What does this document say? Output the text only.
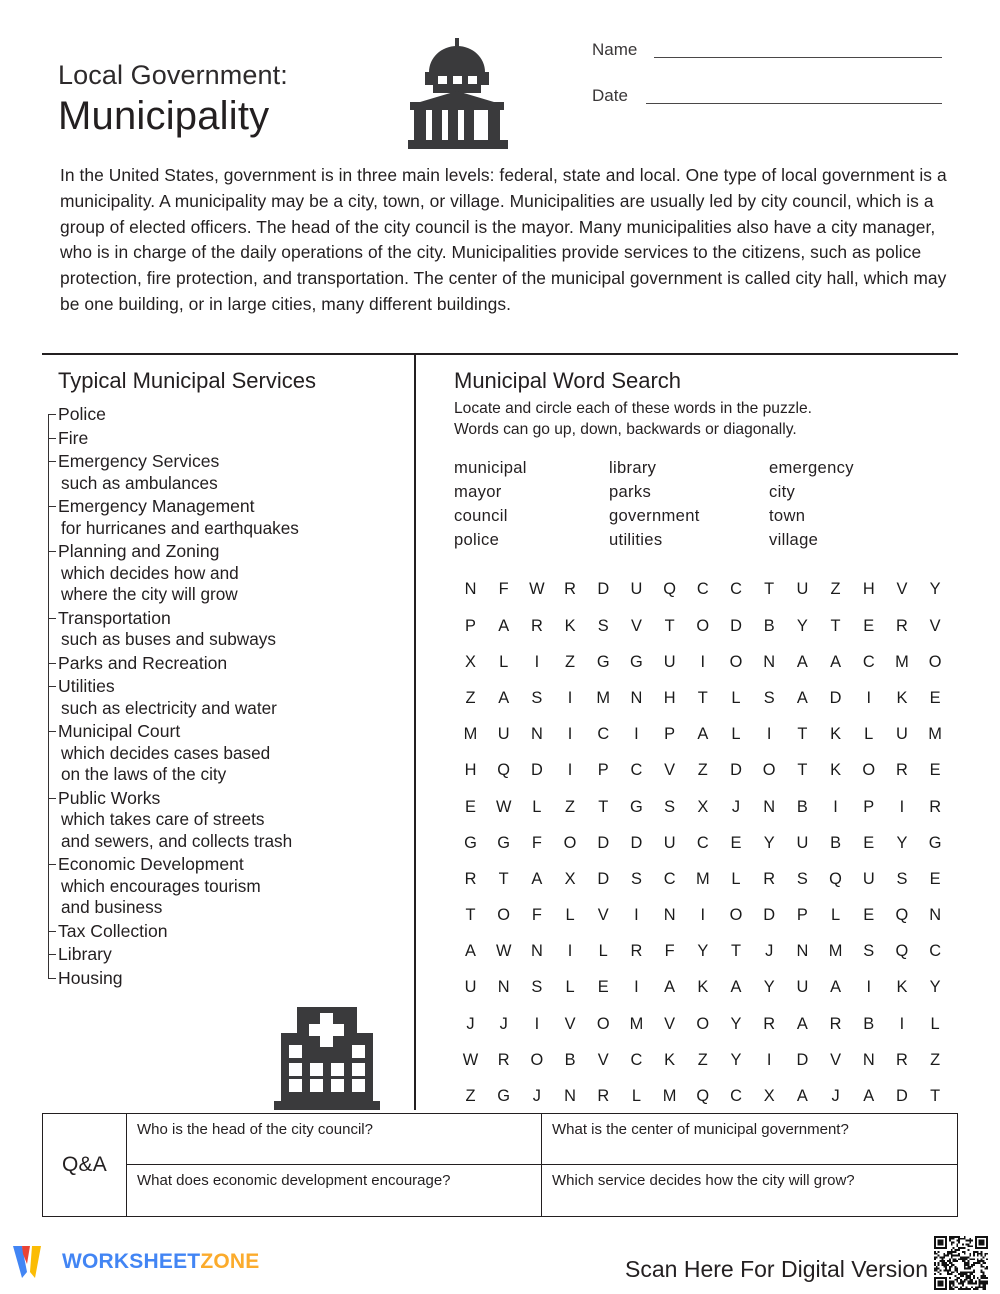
Local Government:
Municipality
Name
Date
In the United States, government is in three main levels: federal, state and local. One type of local government is a municipality. A municipality may be a city, town, or village. Municipalities are usually led by city council, which is a group of elected officers. The head of the city council is the mayor. Many municipalities also have a city manager, who is in charge of the daily operations of the city. Municipalities provide services to the citizens, such as police protection, fire protection, and transportation. The center of the municipal government is called city hall, which may be one building, or in large cities, many different buildings.
Typical Municipal Services
Police
Fire
Emergency Services
such as ambulances
Emergency Management
for hurricanes and earthquakes
Planning and Zoning
which decides how and
where the city will grow
Transportation
such as buses and subways
Parks and Recreation
Utilities
such as electricity and water
Municipal Court
which decides cases based
on the laws of the city
Public Works
which takes care of streets
and sewers, and collects trash
Economic Development
which encourages tourism
and business
Tax Collection
Library
Housing
Municipal Word Search
Locate and circle each of these words in the puzzle.
Words can go up, down, backwards or diagonally.
municipal	library	emergency
mayor	parks	city
council	government	town
police	utilities	village
N	F	W	R	D	U	Q	C	C	T	U	Z	H	V	Y
P	A	R	K	S	V	T	O	D	B	Y	T	E	R	V
X	L	I	Z	G	G	U	I	O	N	A	A	C	M	O
Z	A	S	I	M	N	H	T	L	S	A	D	I	K	E
M	U	N	I	C	I	P	A	L	I	T	K	L	U	M
H	Q	D	I	P	C	V	Z	D	O	T	K	O	R	E
E	W	L	Z	T	G	S	X	J	N	B	I	P	I	R
G	G	F	O	D	D	U	C	E	Y	U	B	E	Y	G
R	T	A	X	D	S	C	M	L	R	S	Q	U	S	E
T	O	F	L	V	I	N	I	O	D	P	L	E	Q	N
A	W	N	I	L	R	F	Y	T	J	N	M	S	Q	C
U	N	S	L	E	I	A	K	A	Y	U	A	I	K	Y
J	J	I	V	O	M	V	O	Y	R	A	R	B	I	L
W	R	O	B	V	C	K	Z	Y	I	D	V	N	R	Z
Z	G	J	N	R	L	M	Q	C	X	A	J	A	D	T
Q&A
Who is the head of the city council?	What is the center of municipal government?
What does economic development encourage?	Which service decides how the city will grow?
WORKSHEETZONE	Scan Here For Digital Version
